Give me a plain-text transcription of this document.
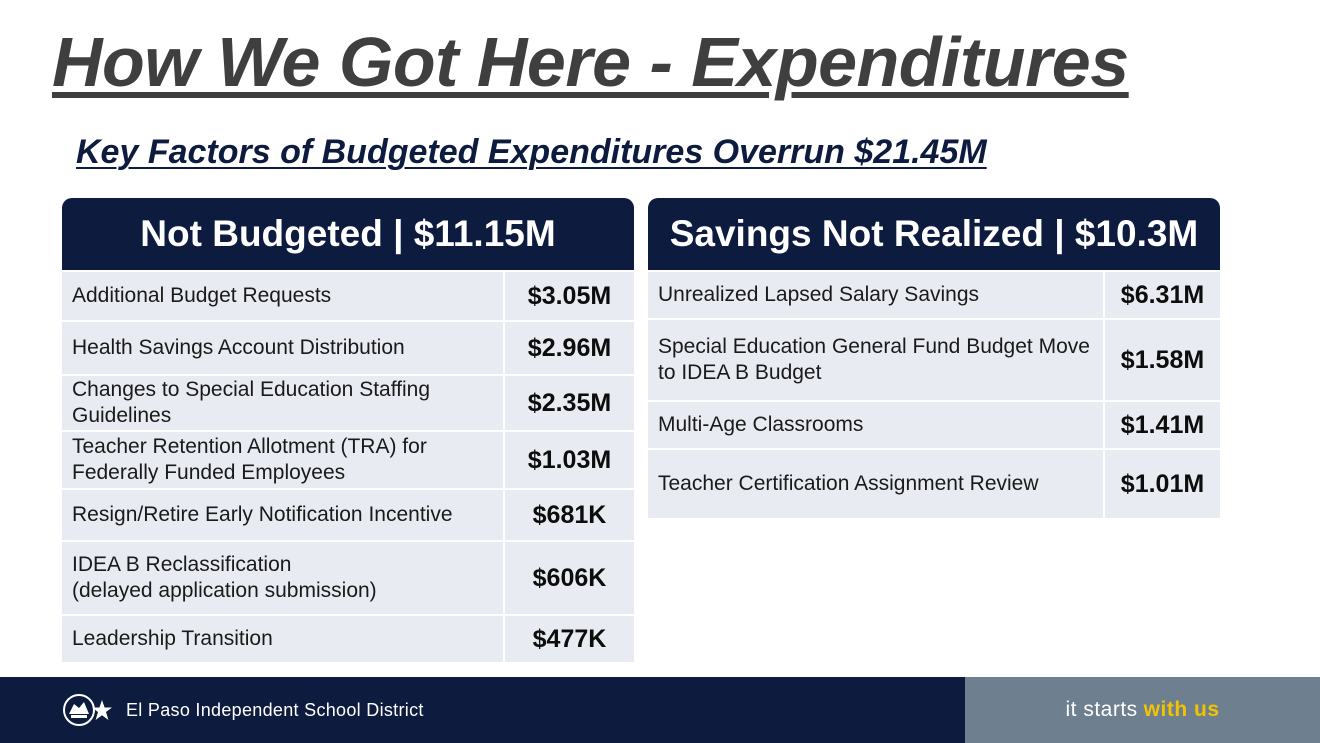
How We Got Here - Expenditures
Key Factors of Budgeted Expenditures Overrun $21.45M
Not Budgeted | $11.15M
Additional Budget Requests	$3.05M
Health Savings Account Distribution	$2.96M
Changes to Special Education Staffing Guidelines	$2.35M
Teacher Retention Allotment (TRA) for Federally Funded Employees	$1.03M
Resign/Retire Early Notification Incentive	$681K
IDEA B Reclassification
(delayed application submission)	$606K
Leadership Transition	$477K
Savings Not Realized | $10.3M
Unrealized Lapsed Salary Savings	$6.31M
Special Education General Fund Budget Move to IDEA B Budget	$1.58M
Multi-Age Classrooms	$1.41M
Teacher Certification Assignment Review	$1.01M
El Paso Independent School District	it starts with us
